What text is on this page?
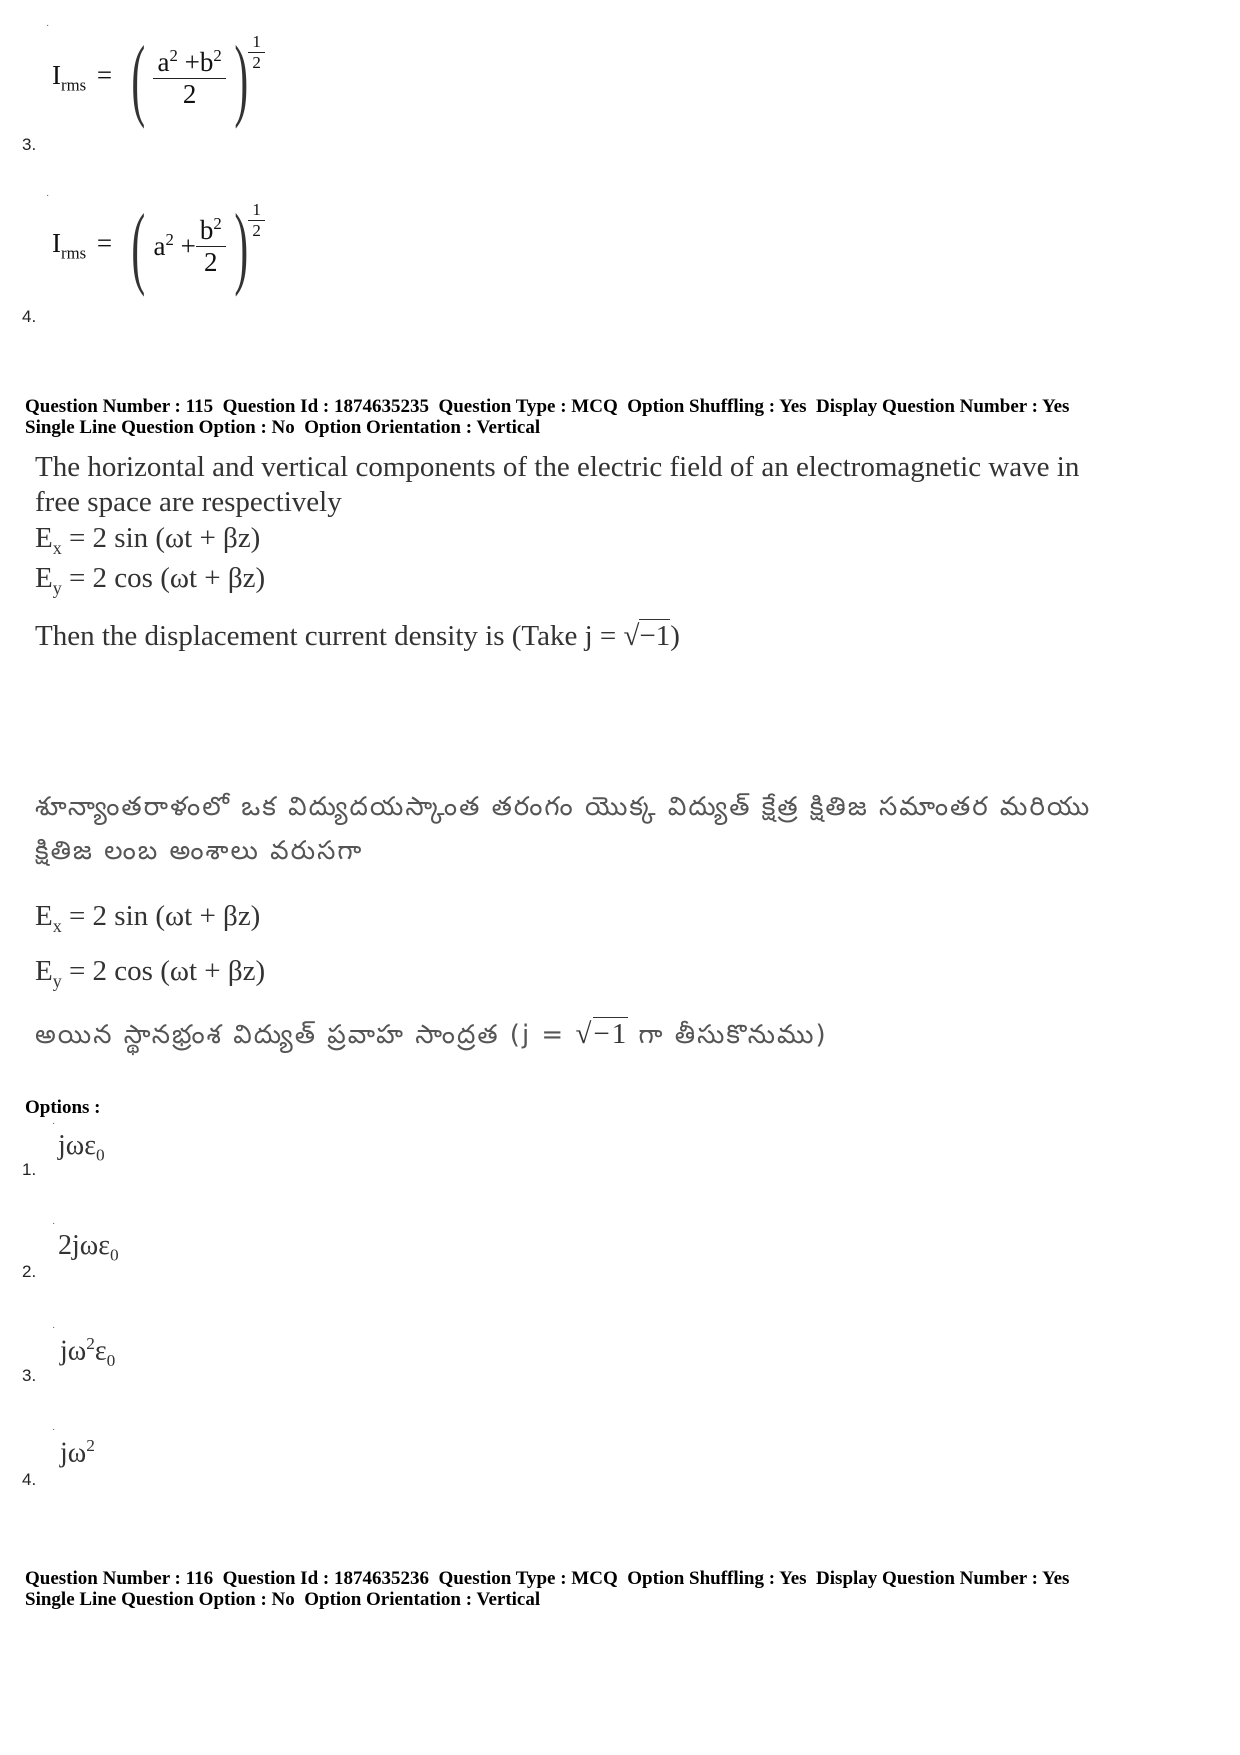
·
$I_{rms}$ = ( $\frac{a^2 +b^2}{2}$ ) $\frac{1}{2}$
3.
·
$I_{rms}$ = ( $a^2 + \frac{b^2}{2}$ ) $\frac{1}{2}$
4.
Question Number : 115  Question Id : 1874635235  Question Type : MCQ  Option Shuffling : Yes  Display Question Number : Yes
Single Line Question Option : No  Option Orientation : Vertical
The horizontal and vertical components of the electric field of an electromagnetic wave in
free space are respectively
$E_x = 2$ sin (ωt + βz)
$E_y = 2$ cos (ωt + βz)
Then the displacement current density is (Take j = √−1)
శూన్యాంతరాళంలో ఒక విద్యుదయస్కాంత తరంగం యొక్క విద్యుత్ క్షేత్ర క్షితిజ సమాంతర మరియు
క్షితిజ లంబ అంశాలు వరుసగా
$E_x = 2$ sin (ωt + βz)
$E_y = 2$ cos (ωt + βz)
అయిన స్థానభ్రంశ విద్యుత్ ప్రవాహ సాంద్రత (j = √−1 గా తీసుకొనుము)
Options :
·
jωε$_0$
1.
·
2jωε$_0$
2.
·
$j\omega^2\varepsilon_0$
3.
·
$j\omega^2$
4.
Question Number : 116  Question Id : 1874635236  Question Type : MCQ  Option Shuffling : Yes  Display Question Number : Yes
Single Line Question Option : No  Option Orientation : Vertical
